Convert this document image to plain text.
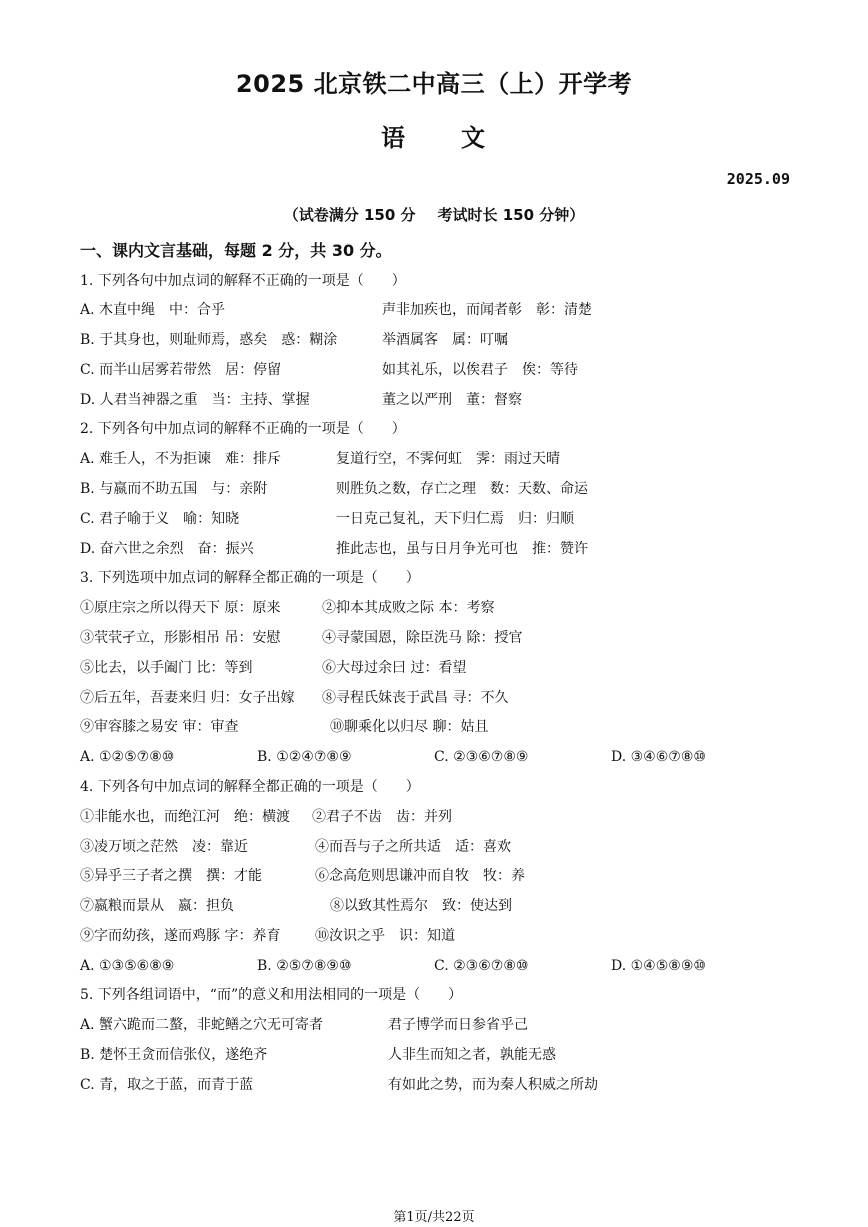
2025 北京铁二中高三（上）开学考
语 文
2025.09
（试卷满分 150 分 考试时长 150 分钟）
一、课内文言基础，每题 2 分，共 30 分。
1. 下列各句中加点词的解释不正确的一项是（　　）
A. 木直中绳　中：合乎	声非加疾也，而闻者彰　彰：清楚
B. 于其身也，则耻师焉，惑矣　惑：糊涂	举酒属客　属：叮嘱
C. 而半山居雾若带然　居：停留	如其礼乐，以俟君子　俟：等待
D. 人君当神器之重　当：主持、掌握	董之以严刑　董：督察
2. 下列各句中加点词的解释不正确的一项是（　　）
A. 难壬人，不为拒谏　难：排斥	复道行空，不霁何虹　霁：雨过天晴
B. 与嬴而不助五国　与：亲附	则胜负之数，存亡之理　数：天数、命运
C. 君子喻于义　喻：知晓	一日克己复礼，天下归仁焉　归：归顺
D. 奋六世之余烈　奋：振兴	推此志也，虽与日月争光可也　推：赞许
3. 下列选项中加点词的解释全都正确的一项是（　　）
①原庄宗之所以得天下 原：原来	②抑本其成败之际 本：考察
③茕茕孑立，形影相吊 吊：安慰	④寻蒙国恩，除臣洗马 除：授官
⑤比去，以手阖门 比：等到	⑥大母过余曰 过：看望
⑦后五年，吾妻来归 归：女子出嫁 ⑧寻程氏妹丧于武昌 寻：不久
⑨审容膝之易安 审：审查	⑩聊乘化以归尽 聊：姑且
A. ①②⑤⑦⑧⑩	B. ①②④⑦⑧⑨	C. ②③⑥⑦⑧⑨	D. ③④⑥⑦⑧⑩
4. 下列各句中加点词的解释全都正确的一项是（　　）
①非能水也，而绝江河　绝：横渡 ②君子不齿　齿：并列
③凌万顷之茫然　凌：靠近	④而吾与子之所共适　适：喜欢
⑤异乎三子者之撰　撰：才能	⑥念高危则思谦冲而自牧　牧：养
⑦嬴粮而景从　嬴：担负	⑧以致其性焉尔　致：使达到
⑨字而幼孩，遂而鸡豚 字：养育 ⑩汝识之乎　识：知道
A. ①③⑤⑥⑧⑨	B. ②⑤⑦⑧⑨⑩	C. ②③⑥⑦⑧⑩	D. ①④⑤⑧⑨⑩
5. 下列各组词语中，“而”的意义和用法相同的一项是（　　）
A. 蟹六跪而二螯，非蛇鳝之穴无可寄者	君子博学而日参省乎己
B. 楚怀王贪而信张仪，遂绝齐	人非生而知之者，孰能无惑
C. 青，取之于蓝，而青于蓝	有如此之势，而为秦人积威之所劫
第1页/共22页
